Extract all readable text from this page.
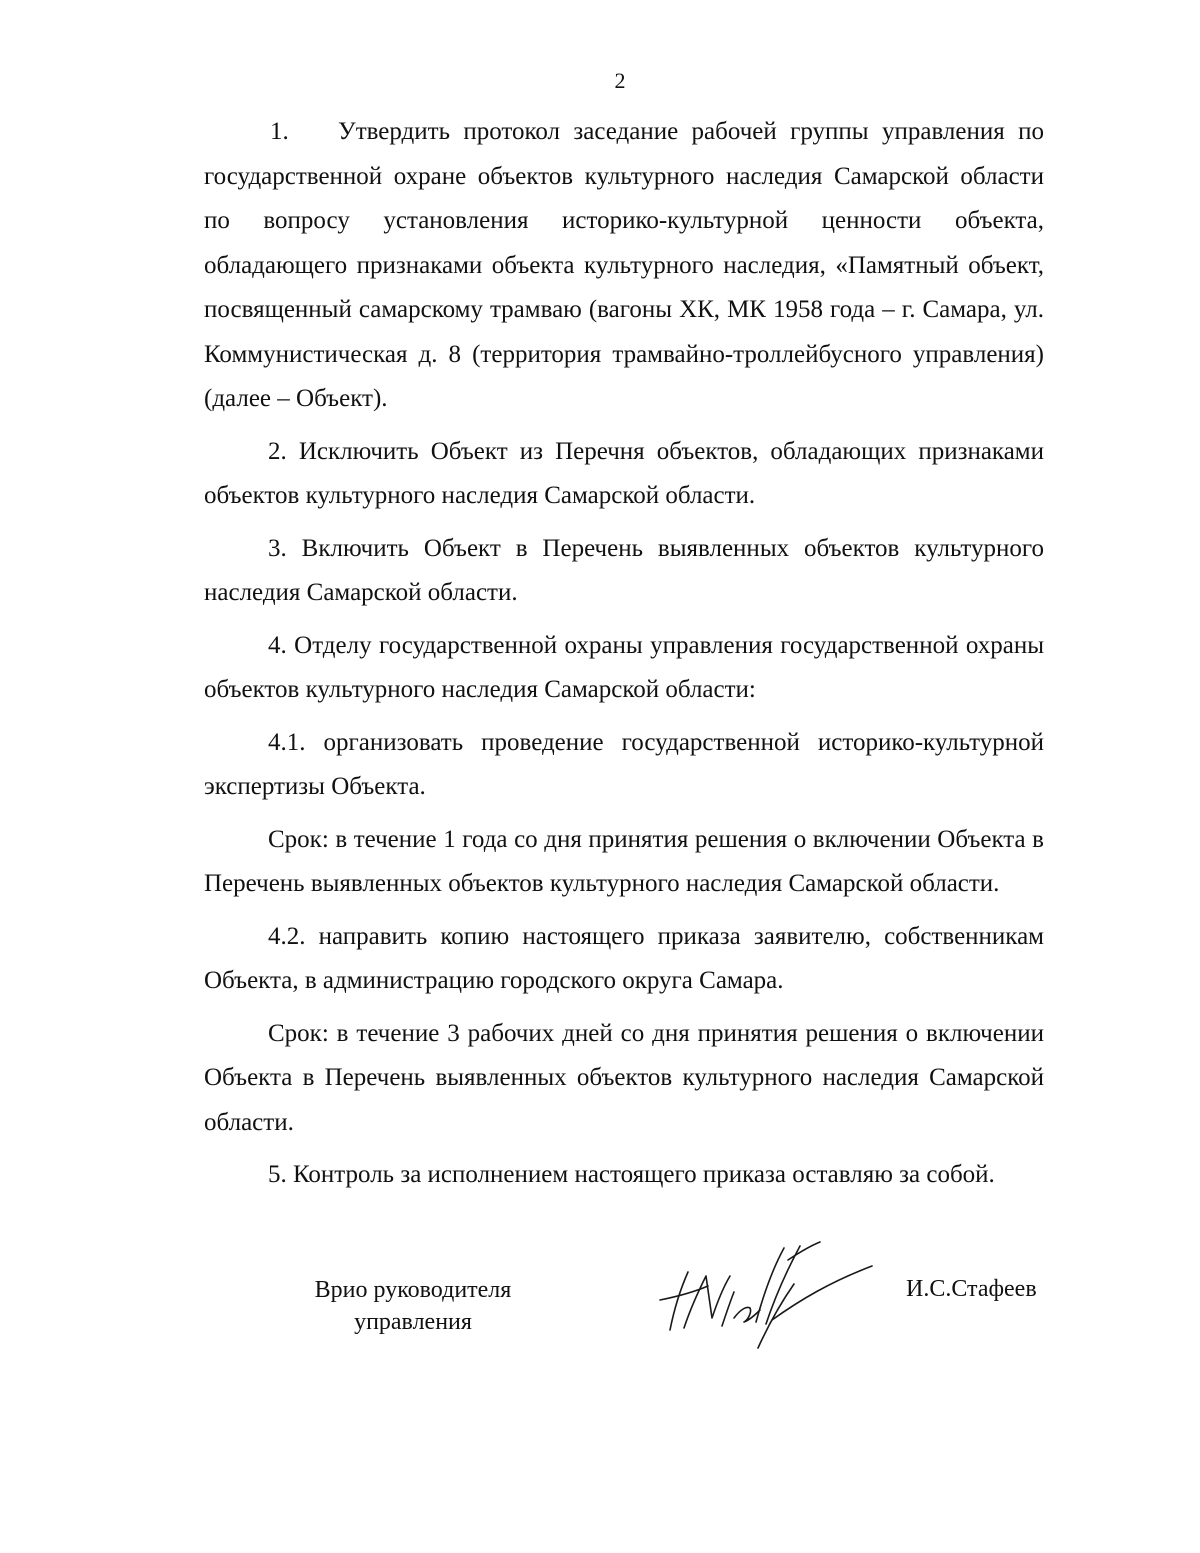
2

1. Утвердить протокол заседание рабочей группы управления по государственной охране объектов культурного наследия Самарской области по вопросу установления историко-культурной ценности объекта, обладающего признаками объекта культурного наследия, «Памятный объект, посвященный самарскому трамваю (вагоны ХК, МК 1958 года – г. Самара, ул. Коммунистическая д. 8 (территория трамвайно-троллейбусного управления) (далее – Объект).

2. Исключить Объект из Перечня объектов, обладающих признаками объектов культурного наследия Самарской области.

3. Включить Объект в Перечень выявленных объектов культурного наследия Самарской области.

4. Отделу государственной охраны управления государственной охраны объектов культурного наследия Самарской области:

4.1. организовать проведение государственной историко-культурной экспертизы Объекта.

Срок: в течение 1 года со дня принятия решения о включении Объекта в Перечень выявленных объектов культурного наследия Самарской области.

4.2. направить копию настоящего приказа заявителю, собственникам Объекта, в администрацию городского округа Самара.

Срок: в течение 3 рабочих дней со дня принятия решения о включении Объекта в Перечень выявленных объектов культурного наследия Самарской области.

5. Контроль за исполнением настоящего приказа оставляю за собой.

Врио руководителя
управления
И.С.Стафеев
